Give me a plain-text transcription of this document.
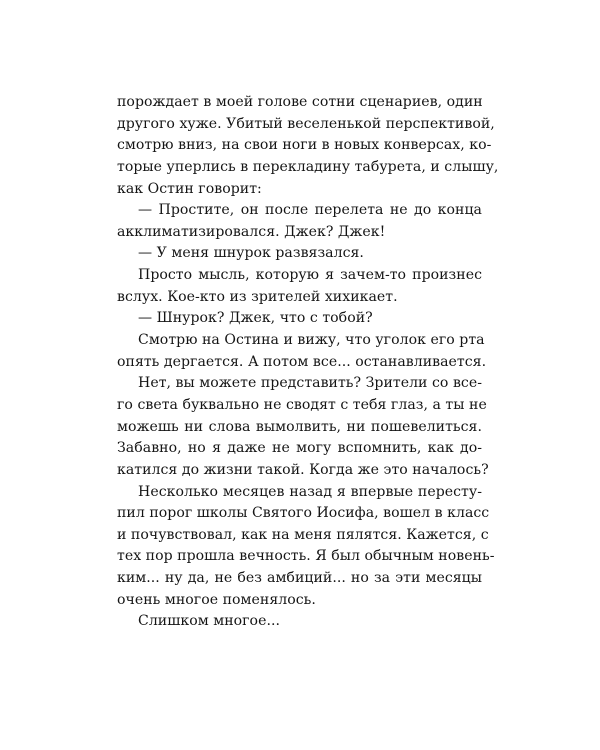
порождает в моей голове сотни сценариев, один
другого хуже. Убитый веселенькой перспективой,
смотрю вниз, на свои ноги в новых конверсах, ко-
торые уперлись в перекладину табурета, и слышу,
как Остин говорит:
— Простите, он после перелета не до конца
акклиматизировался. Джек? Джек!
— У меня шнурок развязался.
Просто мысль, которую я зачем-то произнес
вслух. Кое-кто из зрителей хихикает.
— Шнурок? Джек, что с тобой?
Смотрю на Остина и вижу, что уголок его рта
опять дергается. А потом все... останавливается.
Нет, вы можете представить? Зрители со все-
го света буквально не сводят с тебя глаз, а ты не
можешь ни слова вымолвить, ни пошевелиться.
Забавно, но я даже не могу вспомнить, как до-
катился до жизни такой. Когда же это началось?
Несколько месяцев назад я впервые пересту-
пил порог школы Святого Иосифа, вошел в класс
и почувствовал, как на меня пялятся. Кажется, с
тех пор прошла вечность. Я был обычным новень-
ким... ну да, не без амбиций... но за эти месяцы
очень многое поменялось.
Слишком многое...
